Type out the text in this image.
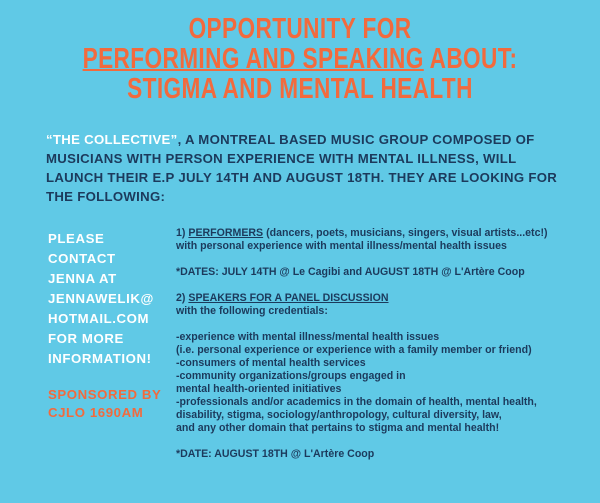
OPPORTUNITY FOR
PERFORMING AND SPEAKING ABOUT:
STIGMA AND MENTAL HEALTH
“THE COLLECTIVE”, A MONTREAL BASED MUSIC GROUP COMPOSED OF MUSICIANS WITH PERSON EXPERIENCE WITH MENTAL ILLNESS, WILL LAUNCH THEIR E.P JULY 14TH AND AUGUST 18TH. THEY ARE LOOKING FOR THE FOLLOWING:
PLEASE
CONTACT
JENNA AT
JENNAWELIK@
HOTMAIL.COM
FOR MORE
INFORMATION!
SPONSORED BY
CJLO 1690AM

1) PERFORMERS (dancers, poets, musicians, singers, visual artists...etc!)

with personal experience with mental illness/mental health issues

*DATES: JULY 14TH @ Le Cagibi and AUGUST 18TH @ L'Artère Coop

2) SPEAKERS FOR A PANEL DISCUSSION

with the following credentials:

-experience with mental illness/mental health issues

(i.e. personal experience or experience with a family member or friend)

-consumers of mental health services

-community organizations/groups engaged in

mental health-oriented initiatives

-professionals and/or academics in the domain of health, mental health,

disability, stigma, sociology/anthropology, cultural diversity, law,

and any other domain that pertains to stigma and mental health!

*DATE: AUGUST 18TH @ L'Artère Coop
